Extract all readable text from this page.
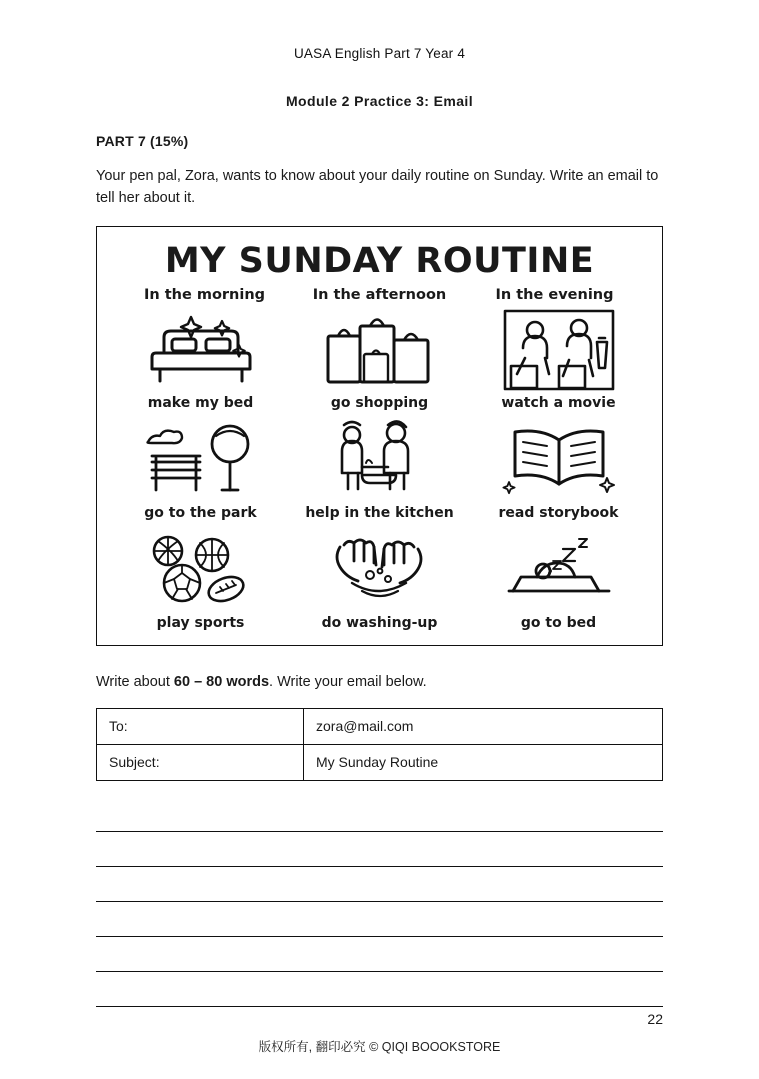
UASA English Part 7 Year 4
Module 2 Practice 3: Email
PART 7 (15%)
Your pen pal, Zora, wants to know about your daily routine on Sunday. Write an email to tell her about it.
MY SUNDAY ROUTINE
In the morning	In the afternoon	In the evening
make my bed	go shopping	watch a movie
go to the park	help in the kitchen	read storybook
play sports	do washing-up	go to bed
Write about 60 – 80 words. Write your email below.
To:	zora@mail.com
Subject:	My Sunday Routine
22
版权所有, 翻印必究 © QIQI BOOOKSTORE
